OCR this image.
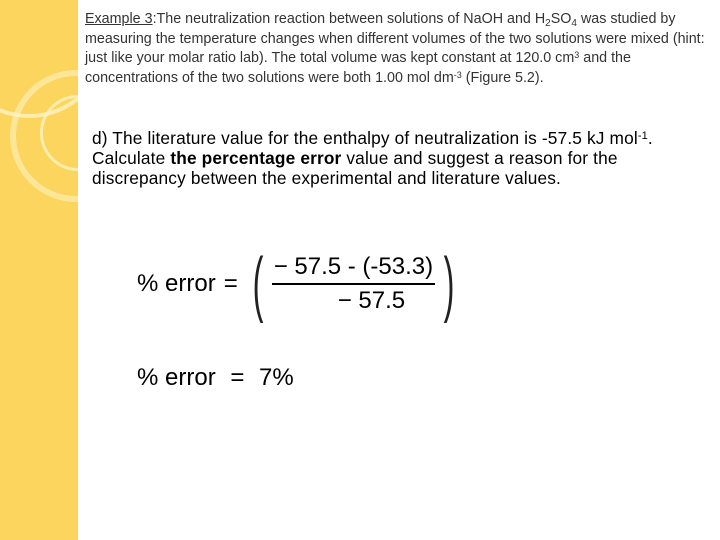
Example 3:The neutralization reaction between solutions of NaOH and $H_2SO_4$ was studied by measuring the temperature changes when different volumes of the two solutions were mixed (hint: just like your molar ratio lab). The total volume was kept constant at 120.0 $cm^3$ and the concentrations of the two solutions were both 1.00 mol $dm^{-3}$ (Figure 5.2).
d) The literature value for the enthalpy of neutralization is -57.5 kJ mol$^{-1}$. Calculate the percentage error value and suggest a reason for the discrepancy between the experimental and literature values.
% error = ( $\frac{- 57.5 - (-53.3)}{- 57.5}$ )
% error = 7%
